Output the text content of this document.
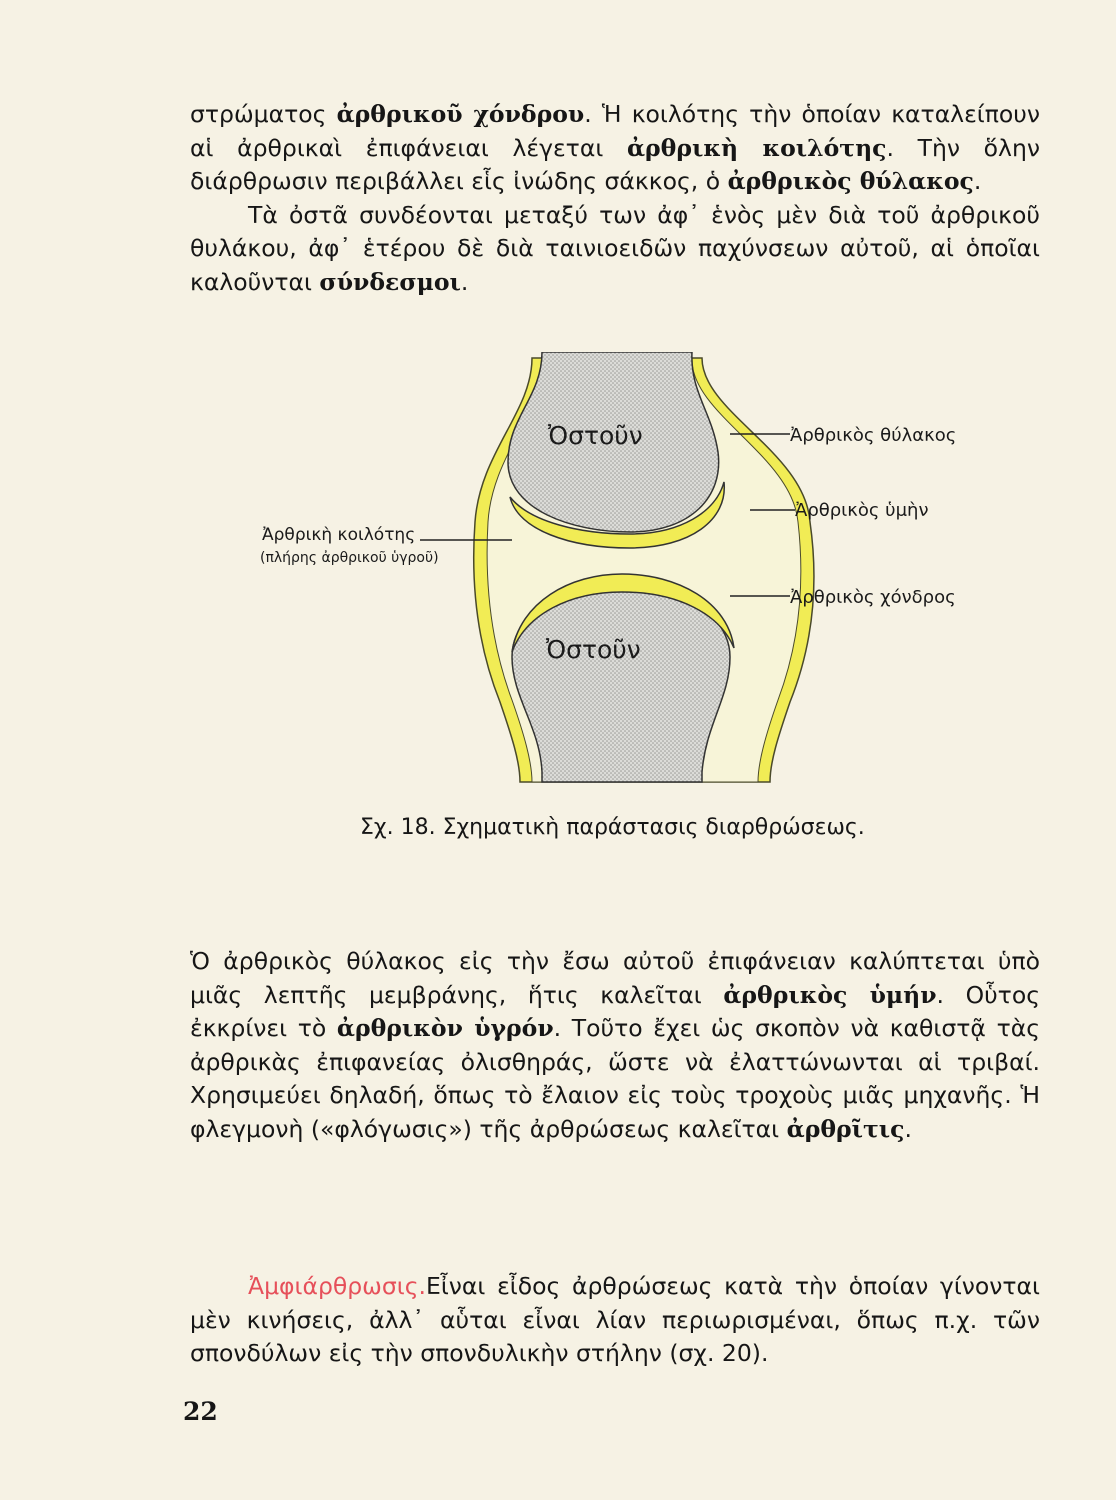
στρώματος ἀρθρικοῦ χόνδρου. Ἡ κοιλότης τὴν ὁποίαν καταλείπουν αἱ ἀρθρικαὶ ἐπιφάνειαι λέγεται ἀρθρικὴ κοιλότης. Τὴν ὅλην διάρθρωσιν περιβάλλει εἷς ἰνώδης σάκκος, ὁ ἀρθρικὸς θύλακος.
Τὰ ὀστᾶ συνδέονται μεταξύ των ἀφ᾽ ἑνὸς μὲν διὰ τοῦ ἀρθρικοῦ θυλάκου, ἀφ᾽ ἑτέρου δὲ διὰ ταινιοειδῶν παχύνσεων αὐτοῦ, αἱ ὁποῖαι καλοῦνται σύνδεσμοι.

Ὀστοῦν
Ὀστοῦν
Ἀρθρικὸς θύλακος
Ἀρθρικὸς ὑμὴν
Ἀρθρικὸς χόνδρος
Ἀρθρικὴ κοιλότης
(πλήρης ἀρθρικοῦ ὑγροῦ)

Σχ. 18. Σχηματικὴ παράστασις διαρθρώσεως.

Ὁ ἀρθρικὸς θύλακος εἰς τὴν ἔσω αὐτοῦ ἐπιφάνειαν καλύπτεται ὑπὸ μιᾶς λεπτῆς μεμβράνης, ἥτις καλεῖται ἀρθρικὸς ὑμήν. Οὗτος ἐκκρίνει τὸ ἀρθρικὸν ὑγρόν. Τοῦτο ἔχει ὡς σκοπὸν νὰ καθιστᾷ τὰς ἀρθρικὰς ἐπιφανείας ὀλισθηράς, ὥστε νὰ ἐλαττώνωνται αἱ τριβαί. Χρησιμεύει δηλαδή, ὅπως τὸ ἔλαιον εἰς τοὺς τροχοὺς μιᾶς μηχανῆς. Ἡ φλεγμονὴ («φλόγωσις») τῆς ἀρθρώσεως καλεῖται ἀρθρῖτις.

Ἀμφιάρθρωσις.Εἶναι εἶδος ἀρθρώσεως κατὰ τὴν ὁποίαν γίνονται μὲν κινήσεις, ἀλλ᾽ αὗται εἶναι λίαν περιωρισμέναι, ὅπως π.χ. τῶν σπονδύλων εἰς τὴν σπονδυλικὴν στήλην (σχ. 20).

22
